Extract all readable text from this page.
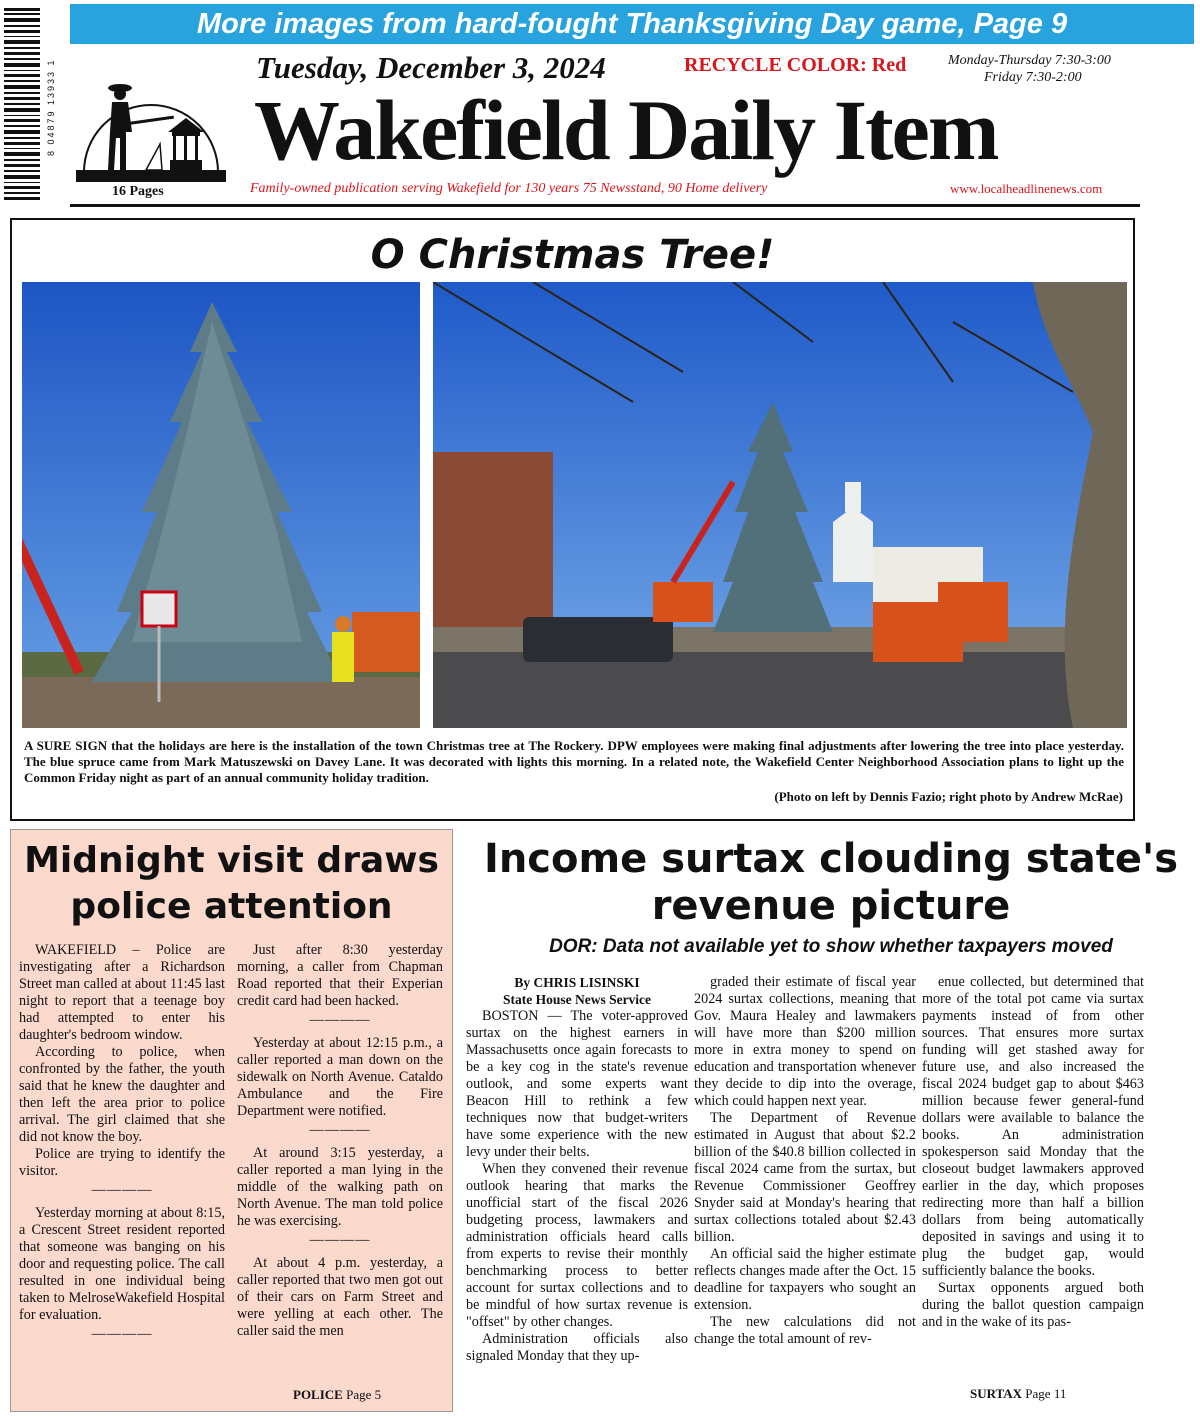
More images from hard-fought Thanksgiving Day game, Page 9
8 04879 13933 1
16 Pages
Tuesday, December 3, 2024	RECYCLE COLOR: Red	Monday-Thursday 7:30-3:00
Friday 7:30-2:00
Wakefield Daily Item
Family-owned publication serving Wakefield for 130 years 75 Newsstand, 90 Home delivery	www.localheadlinenews.com
O Christmas Tree!
A SURE SIGN that the holidays are here is the installation of the town Christmas tree at The Rockery. DPW employees were making final adjustments after lowering the tree into place yesterday. The blue spruce came from Mark Matuszewski on Davey Lane. It was decorated with lights this morning. In a related note, the Wakefield Center Neighborhood Association plans to light up the Common Friday night as part of an annual community holiday tradition.
(Photo on left by Dennis Fazio; right photo by Andrew McRae)
Midnight visit draws police attention

WAKEFIELD – Police are investigating after a Richardson Street man called at about 11:45 last night to report that a teenage boy had attempted to enter his daughter's bedroom window.

According to police, when confronted by the father, the youth said that he knew the daughter and then left the area prior to police arrival. The girl claimed that she did not know the boy.

Police are trying to identify the visitor.

————

Yesterday morning at about 8:15, a Crescent Street resident reported that someone was banging on his door and requesting police. The call resulted in one individual being taken to MelroseWakefield Hospital for evaluation.

————

Just after 8:30 yesterday morning, a caller from Chapman Road reported that their Experian credit card had been hacked.

————

Yesterday at about 12:15 p.m., a caller reported a man down on the sidewalk on North Avenue. Cataldo Ambulance and the Fire Department were notified.

————

At around 3:15 yesterday, a caller reported a man lying in the middle of the walking path on North Avenue. The man told police he was exercising.

————

At about 4 p.m. yesterday, a caller reported that two men got out of their cars on Farm Street and were yelling at each other. The caller said the men

POLICE Page 5
Income surtax clouding state's revenue picture
DOR: Data not available yet to show whether taxpayers moved

By CHRIS LISINSKI

State House News Service

BOSTON — The voter-approved surtax on the highest earners in Massachusetts once again forecasts to be a key cog in the state's revenue outlook, and some experts want Beacon Hill to rethink a few techniques now that budget-writers have some experience with the new levy under their belts.

When they convened their revenue outlook hearing that marks the unofficial start of the fiscal 2026 budgeting process, lawmakers and administration officials heard calls from experts to revise their monthly benchmarking process to better account for surtax collections and to be mindful of how surtax revenue is "offset" by other changes.

Administration officials also signaled Monday that they up-

graded their estimate of fiscal year 2024 surtax collections, meaning that Gov. Maura Healey and lawmakers will have more than $200 million more in extra money to spend on education and transportation whenever they decide to dip into the overage, which could happen next year.

The Department of Revenue estimated in August that about $2.2 billion of the $40.8 billion collected in fiscal 2024 came from the surtax, but Revenue Commissioner Geoffrey Snyder said at Monday's hearing that surtax collections totaled about $2.43 billion.

An official said the higher estimate reflects changes made after the Oct. 15 deadline for taxpayers who sought an extension.

The new calculations did not change the total amount of rev-

enue collected, but determined that more of the total pot came via surtax payments instead of from other sources. That ensures more surtax funding will get stashed away for future use, and also increased the fiscal 2024 budget gap to about $463 million because fewer general-fund dollars were available to balance the books. An administration spokesperson said Monday that the closeout budget lawmakers approved earlier in the day, which proposes redirecting more than half a billion dollars from being automatically deposited in savings and using it to plug the budget gap, would sufficiently balance the books.

Surtax opponents argued both during the ballot question campaign and in the wake of its pas-

SURTAX Page 11
